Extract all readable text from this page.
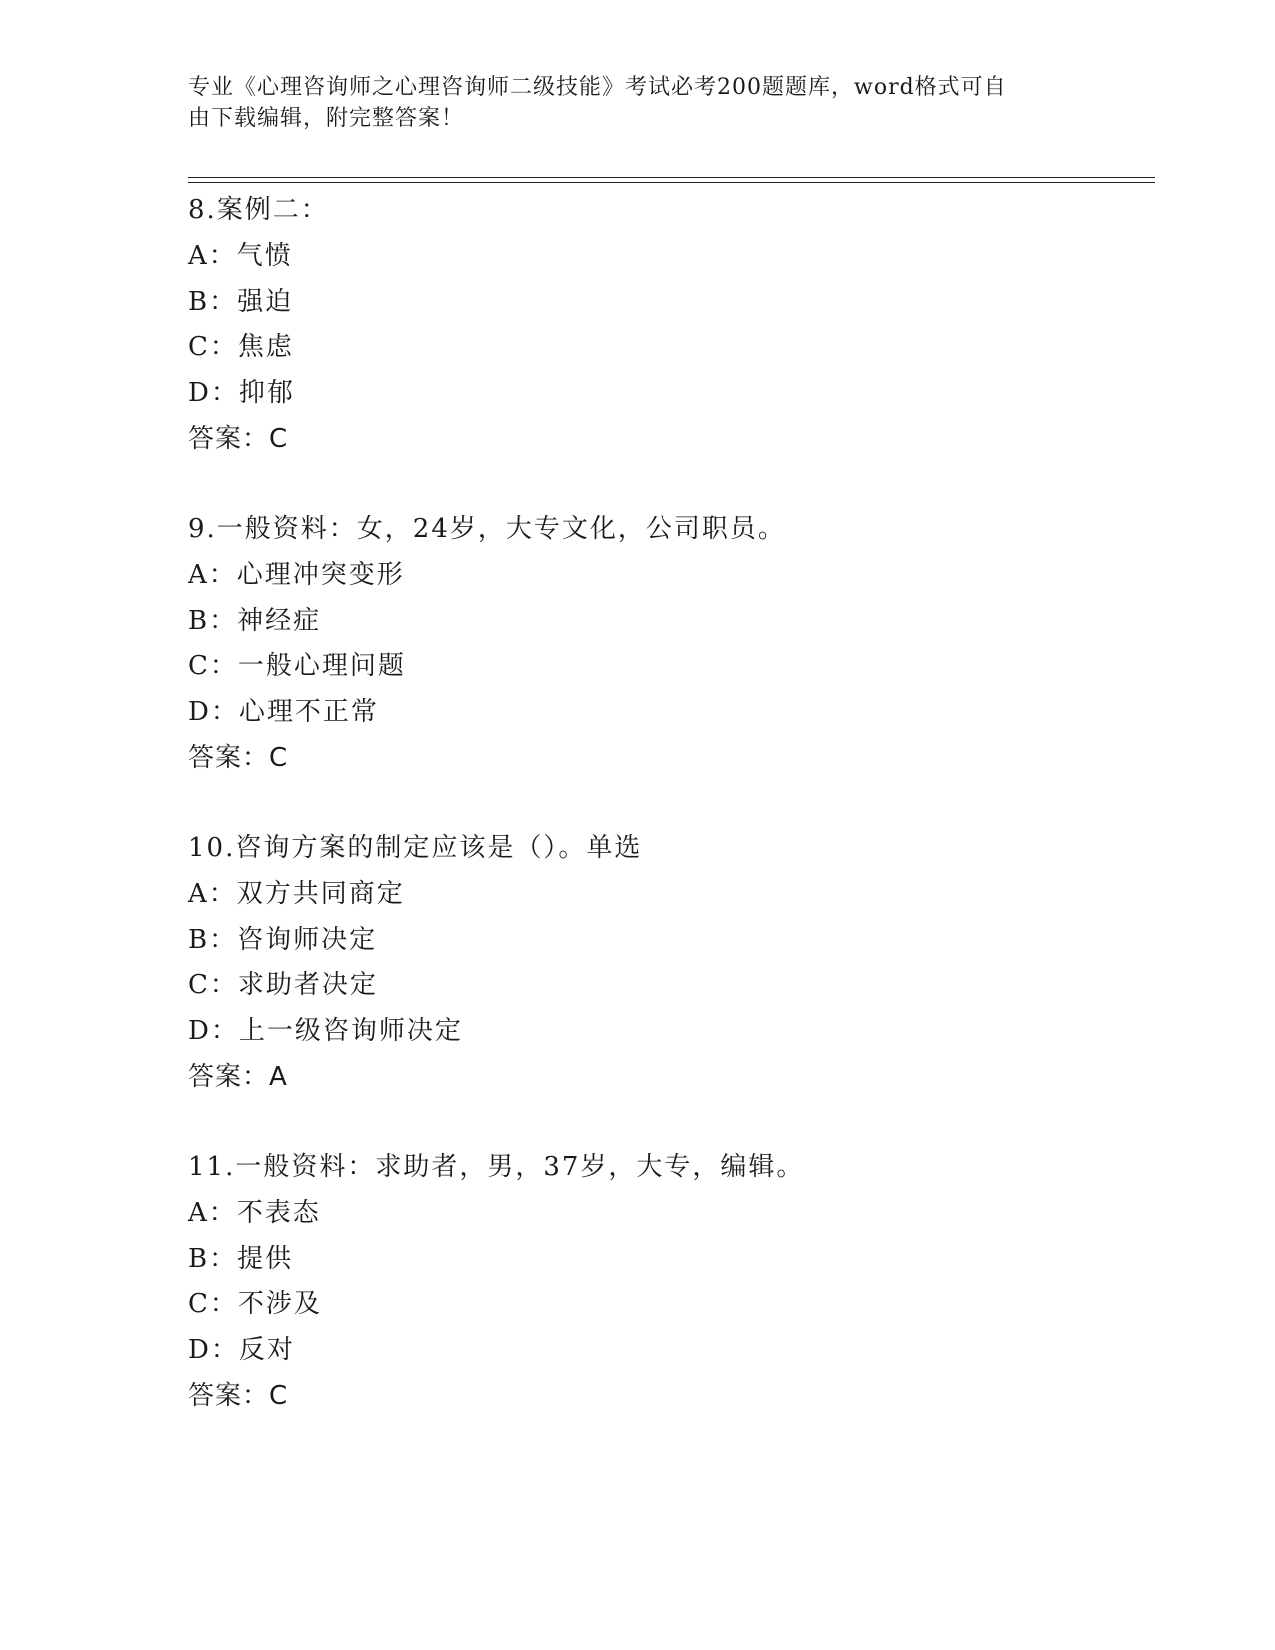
专业《心理咨询师之心理咨询师二级技能》考试必考200题题库，word格式可自
由下载编辑，附完整答案！
8.案例二：
A：气愤
B：强迫
C：焦虑
D：抑郁
答案：C
9.一般资料：女，24岁，大专文化，公司职员。
A：心理冲突变形
B：神经症
C：一般心理问题
D：心理不正常
答案：C
10.咨询方案的制定应该是（）。单选
A：双方共同商定
B：咨询师决定
C：求助者决定
D：上一级咨询师决定
答案：A
11.一般资料：求助者，男，37岁，大专，编辑。
A：不表态
B：提供
C：不涉及
D：反对
答案：C
